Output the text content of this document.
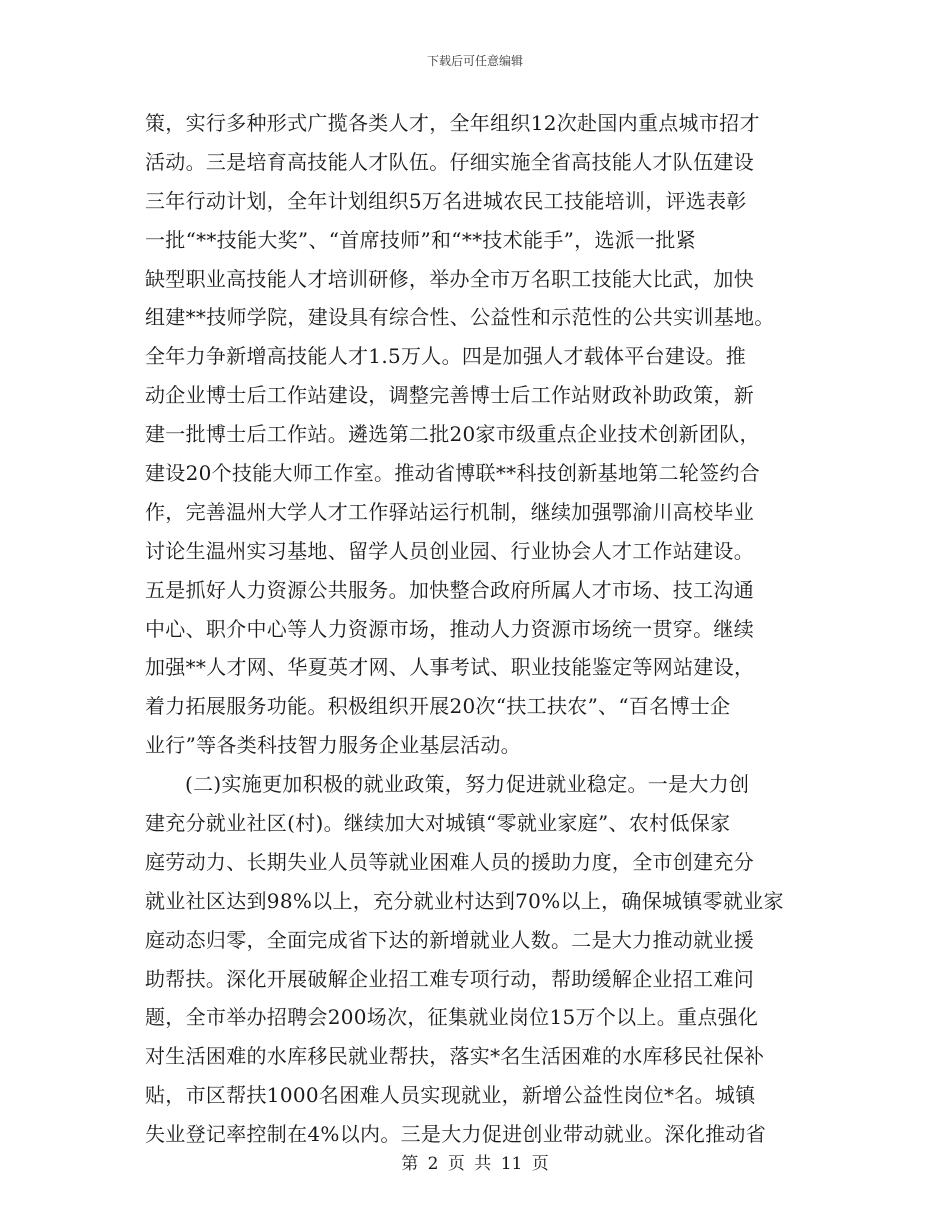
下载后可任意编辑
策，实行多种形式广揽各类人才，全年组织12次赴国内重点城市招才
活动。三是培育高技能人才队伍。仔细实施全省高技能人才队伍建设
三年行动计划，全年计划组织5万名进城农民工技能培训，评选表彰
一批“**技能大奖”、“首席技师”和“**技术能手”，选派一批紧
缺型职业高技能人才培训研修，举办全市万名职工技能大比武，加快
组建**技师学院，建设具有综合性、公益性和示范性的公共实训基地。
全年力争新增高技能人才1.5万人。四是加强人才载体平台建设。推
动企业博士后工作站建设，调整完善博士后工作站财政补助政策，新
建一批博士后工作站。遴选第二批20家市级重点企业技术创新团队，
建设20个技能大师工作室。推动省博联**科技创新基地第二轮签约合
作，完善温州大学人才工作驿站运行机制，继续加强鄂渝川高校毕业
讨论生温州实习基地、留学人员创业园、行业协会人才工作站建设。
五是抓好人力资源公共服务。加快整合政府所属人才市场、技工沟通
中心、职介中心等人力资源市场，推动人力资源市场统一贯穿。继续
加强**人才网、华夏英才网、人事考试、职业技能鉴定等网站建设，
着力拓展服务功能。积极组织开展20次“扶工扶农”、“百名博士企
业行”等各类科技智力服务企业基层活动。
(二)实施更加积极的就业政策，努力促进就业稳定。一是大力创
建充分就业社区(村)。继续加大对城镇“零就业家庭”、农村低保家
庭劳动力、长期失业人员等就业困难人员的援助力度，全市创建充分
就业社区达到98%以上，充分就业村达到70%以上，确保城镇零就业家
庭动态归零，全面完成省下达的新增就业人数。二是大力推动就业援
助帮扶。深化开展破解企业招工难专项行动，帮助缓解企业招工难问
题，全市举办招聘会200场次，征集就业岗位15万个以上。重点强化
对生活困难的水库移民就业帮扶，落实*名生活困难的水库移民社保补
贴，市区帮扶1000名困难人员实现就业，新增公益性岗位*名。城镇
失业登记率控制在4%以内。三是大力促进创业带动就业。深化推动省
第 2 页 共 11 页
